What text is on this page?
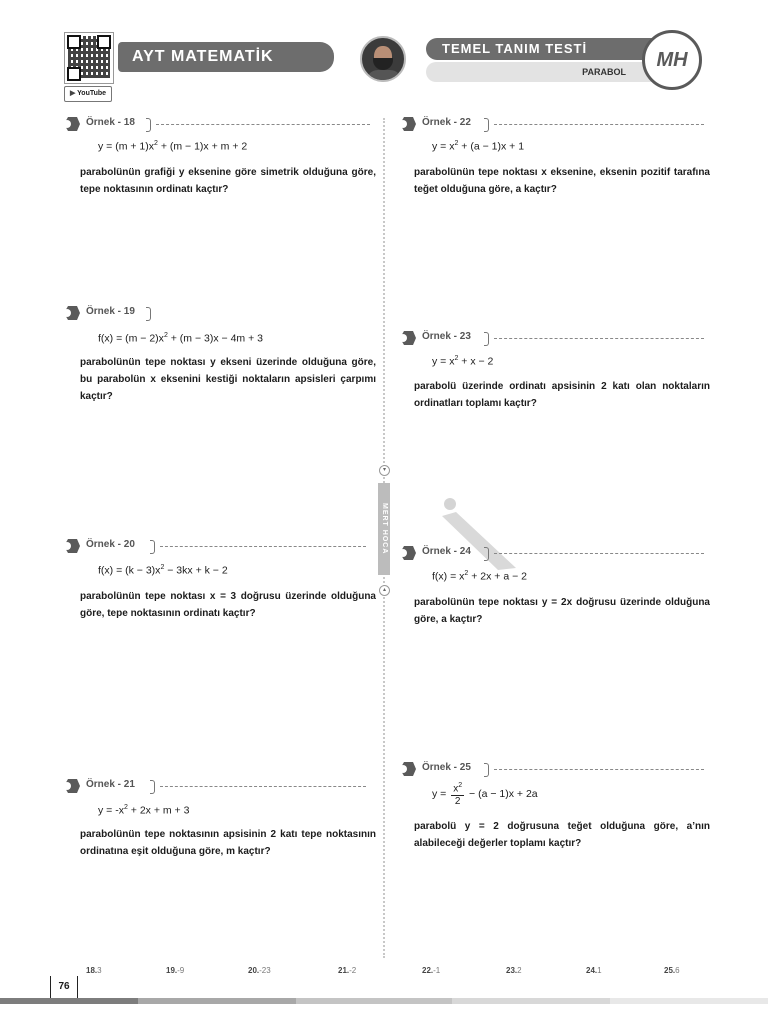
▶ YouTube
AYT MATEMATİK	TEMEL TANIM TESTİ
PARABOL
MH
▾
MERT HOCA
▴
Örnek - 18
$y = (m + 1)x^2 + (m - 1)x + m + 2$
parabolünün grafiği y eksenine göre simetrik olduğuna göre, tepe noktasının ordinatı kaçtır?
Örnek - 19
$f(x) = (m - 2)x^2 + (m - 3)x - 4m + 3$
parabolünün tepe noktası y ekseni üzerinde olduğuna göre, bu parabolün x eksenini kestiği noktaların apsisleri çarpımı kaçtır?
Örnek - 20
$f(x) = (k - 3)x^2 - 3kx + k - 2$
parabolünün tepe noktası x = 3 doğrusu üzerinde olduğuna göre, tepe noktasının ordinatı kaçtır?
Örnek - 21
$y = -x^2 + 2x + m + 3$
parabolünün tepe noktasının apsisinin 2 katı tepe noktasının ordinatına eşit olduğuna göre, m kaçtır?
Örnek - 22
$y = x^2 + (a - 1)x + 1$
parabolünün tepe noktası x eksenine, eksenin pozitif tarafına teğet olduğuna göre, a kaçtır?
Örnek - 23
$y = x^2 + x - 2$
parabolü üzerinde ordinatı apsisinin 2 katı olan noktaların ordinatları toplamı kaçtır?
Örnek - 24
$f(x) = x^2 + 2x + a - 2$
parabolünün tepe noktası y = 2x doğrusu üzerinde olduğuna göre, a kaçtır?
Örnek - 25
$y = \frac{x^2}{2} - (a - 1)x + 2a$
parabolü y = 2 doğrusuna teğet olduğuna göre, a’nın alabileceği değerler toplamı kaçtır?
18.3	19.-9	20.-23	21.-2	22.-1	23.2	24.1	25.6
76
